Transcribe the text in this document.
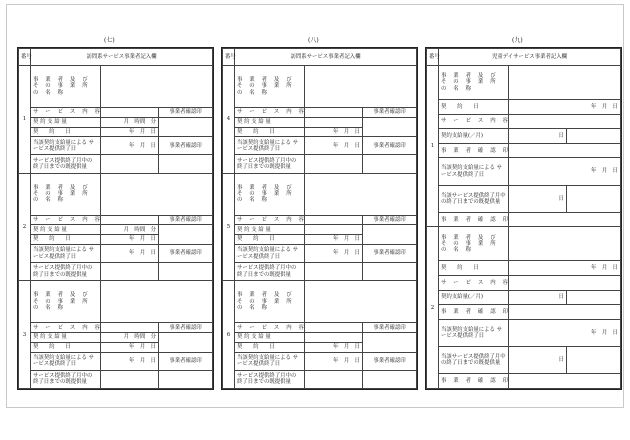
(七)
番号	訪問系サービス事業者記入欄		
1	事 業 者 及 び そ の 事 業 所 の 名 称		
	サ ー ビ ス 内 容		事業者確認印
	契 約 支 給 量	月　時間　分	
	契　　約　　日	年　月　日	
	当該契約支給量による サービス提供終了日	年　月　日	事業者確認印
	サービス提供終了月中の 終了日までの既提供量		
2	事 業 者 及 び そ の 事 業 所 の 名 称		
	サ ー ビ ス 内 容		事業者確認印
	契 約 支 給 量	月　時間　分	
	契　　約　　日	年　月　日	
	当該契約支給量による サービス提供終了日	年　月　日	事業者確認印
	サービス提供終了月中の 終了日までの既提供量		
3	事 業 者 及 び そ の 事 業 所 の 名 称		
	サ ー ビ ス 内 容		事業者確認印
	契 約 支 給 量	月　時間　分	
	契　　約　　日	年　月　日	
	当該契約支給量による サービス提供終了日	年　月　日	事業者確認印
	サービス提供終了月中の 終了日までの既提供量		
(八)
番号	訪問系サービス事業者記入欄		
4	事 業 者 及 び そ の 事 業 所 の 名 称		
	サ ー ビ ス 内 容		事業者確認印
	契 約 支 給 量		
	契　　約　　日	年　月　日	
	当該契約支給量による サービス提供終了日	年　月　日	事業者確認印
	サービス提供終了月中の 終了日までの既提供量		
5	事 業 者 及 び そ の 事 業 所 の 名 称		
	サ ー ビ ス 内 容		事業者確認印
	契 約 支 給 量		
	契　　約　　日	年　月　日	
	当該契約支給量による サービス提供終了日	年　月　日	事業者確認印
	サービス提供終了月中の 終了日までの既提供量		
6	事 業 者 及 び そ の 事 業 所 の 名 称		
	サ ー ビ ス 内 容		事業者確認印
	契 約 支 給 量		
	契　　約　　日	年　月　日	
	当該契約支給量による サービス提供終了日	年　月　日	事業者確認印
	サービス提供終了月中の 終了日までの既提供量		
(九)
番号	児童デイサービス事業者記入欄		
1	事 業 者 及 び そ の 事 業 所 の 名 称		
	契　　約　　日	年　月　日	
	サ ー ビ ス 内 容		
	契約支給量(／月)	日	
	事 業 者 確 認 印		
	当該契約支給量による サービス提供終了日	年　月　日	
	当該サービス提供終了月中 の終了日までの既提供量	日	
	事 業 者 確 認 印		
2	事 業 者 及 び そ の 事 業 所 の 名 称		
	契　　約　　日	年　月　日	
	サ ー ビ ス 内 容		
	契約支給量(／月)	日	
	事 業 者 確 認 印		
	当該契約支給量による サービス提供終了日	年　月　日	
	当該サービス提供終了月中 の終了日までの既提供量	日	
	事 業 者 確 認 印		
